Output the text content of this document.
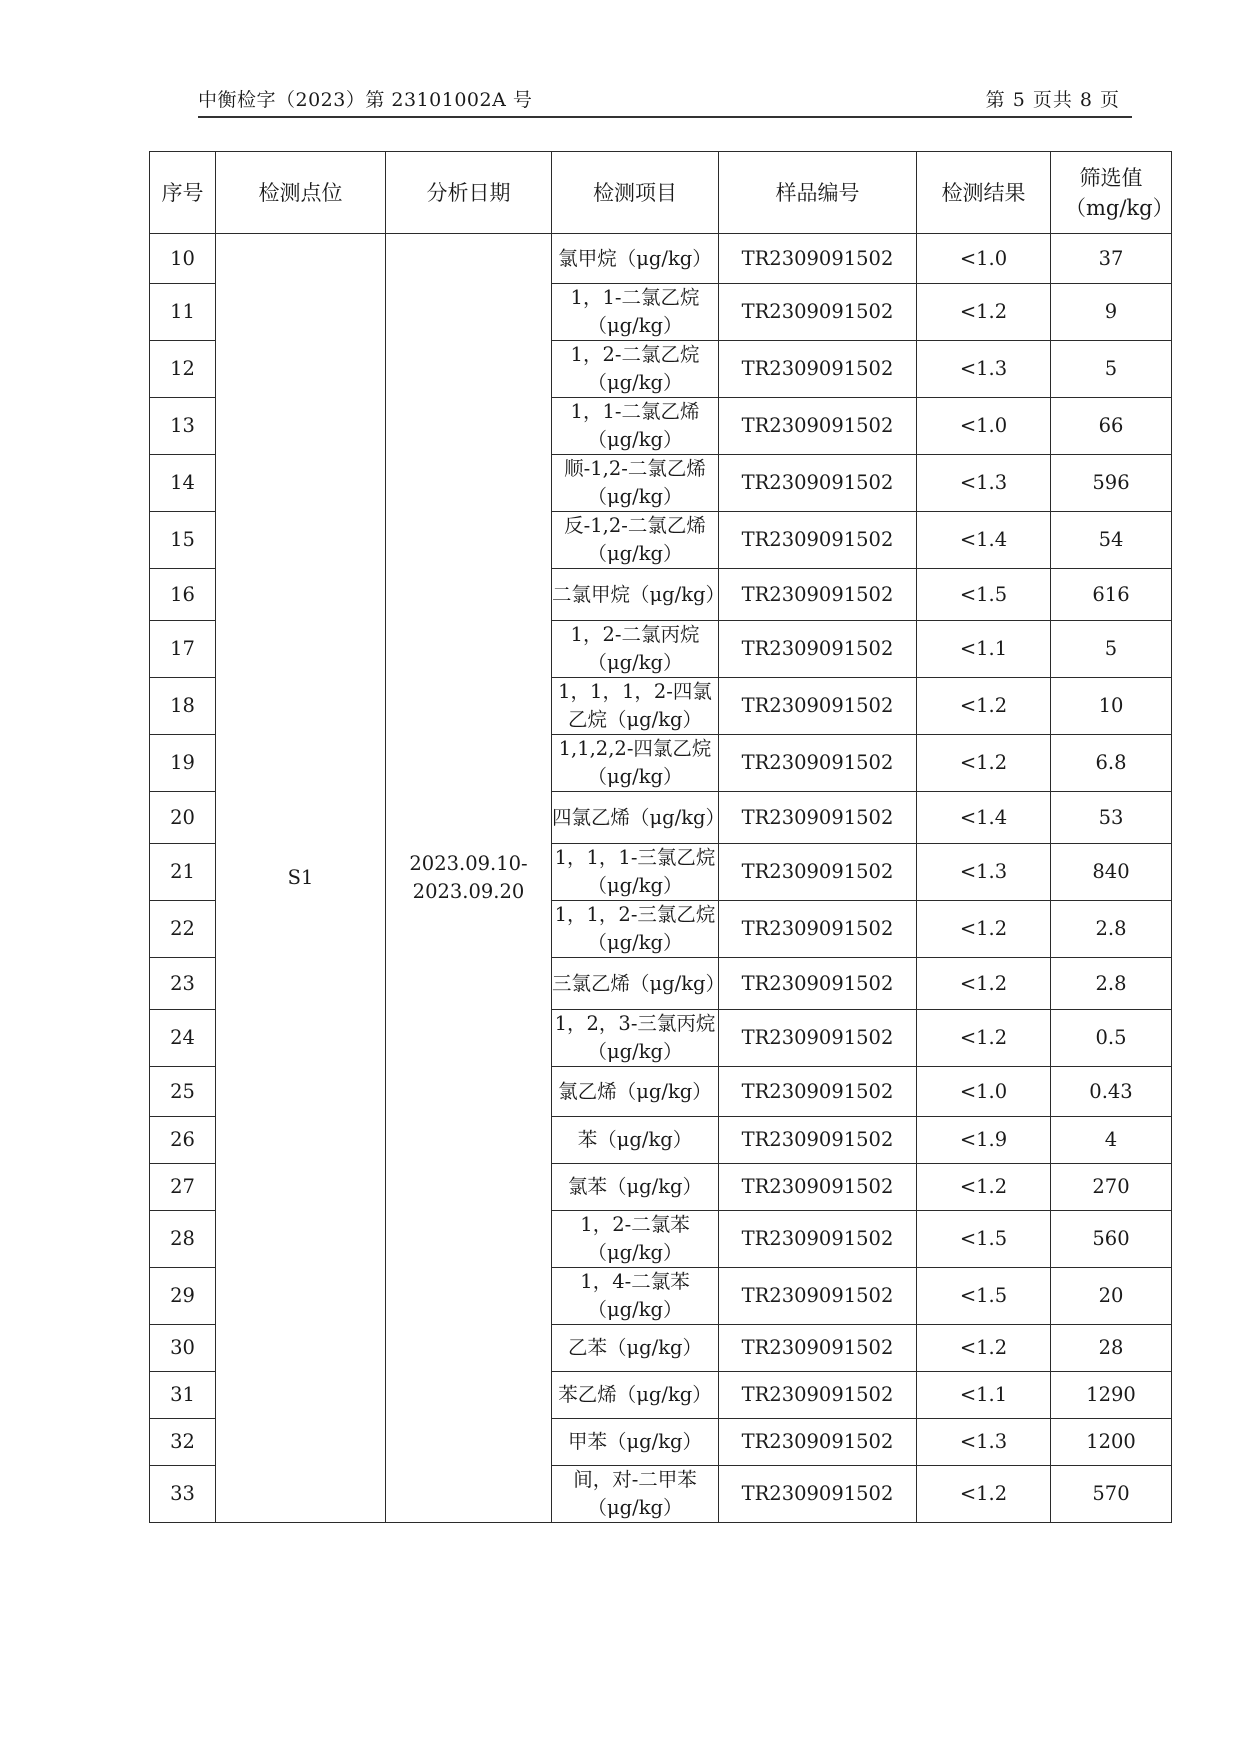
中衡检字（2023）第 23101002A 号	第 5 页共 8 页
序号	检测点位	分析日期	检测项目	样品编号	检测结果	筛选值（mg/kg）
10	S1	2023.09.10-2023.09.20	氯甲烷（μg/kg）	TR2309091502	<1.0	37
11			1，1-二氯乙烷（μg/kg）	TR2309091502	<1.2	9
12			1，2-二氯乙烷（μg/kg）	TR2309091502	<1.3	5
13			1，1-二氯乙烯（μg/kg）	TR2309091502	<1.0	66
14			顺-1,2-二氯乙烯（μg/kg）	TR2309091502	<1.3	596
15			反-1,2-二氯乙烯（μg/kg）	TR2309091502	<1.4	54
16			二氯甲烷（μg/kg）	TR2309091502	<1.5	616
17			1，2-二氯丙烷（μg/kg）	TR2309091502	<1.1	5
18			1，1，1，2-四氯乙烷（μg/kg）	TR2309091502	<1.2	10
19			1,1,2,2-四氯乙烷（μg/kg）	TR2309091502	<1.2	6.8
20			四氯乙烯（μg/kg）	TR2309091502	<1.4	53
21			1，1，1-三氯乙烷（μg/kg）	TR2309091502	<1.3	840
22			1，1，2-三氯乙烷（μg/kg）	TR2309091502	<1.2	2.8
23			三氯乙烯（μg/kg）	TR2309091502	<1.2	2.8
24			1，2，3-三氯丙烷（μg/kg）	TR2309091502	<1.2	0.5
25			氯乙烯（μg/kg）	TR2309091502	<1.0	0.43
26			苯（μg/kg）	TR2309091502	<1.9	4
27			氯苯（μg/kg）	TR2309091502	<1.2	270
28			1，2-二氯苯（μg/kg）	TR2309091502	<1.5	560
29			1，4-二氯苯（μg/kg）	TR2309091502	<1.5	20
30			乙苯（μg/kg）	TR2309091502	<1.2	28
31			苯乙烯（μg/kg）	TR2309091502	<1.1	1290
32			甲苯（μg/kg）	TR2309091502	<1.3	1200
33			间，对-二甲苯（μg/kg）	TR2309091502	<1.2	570
